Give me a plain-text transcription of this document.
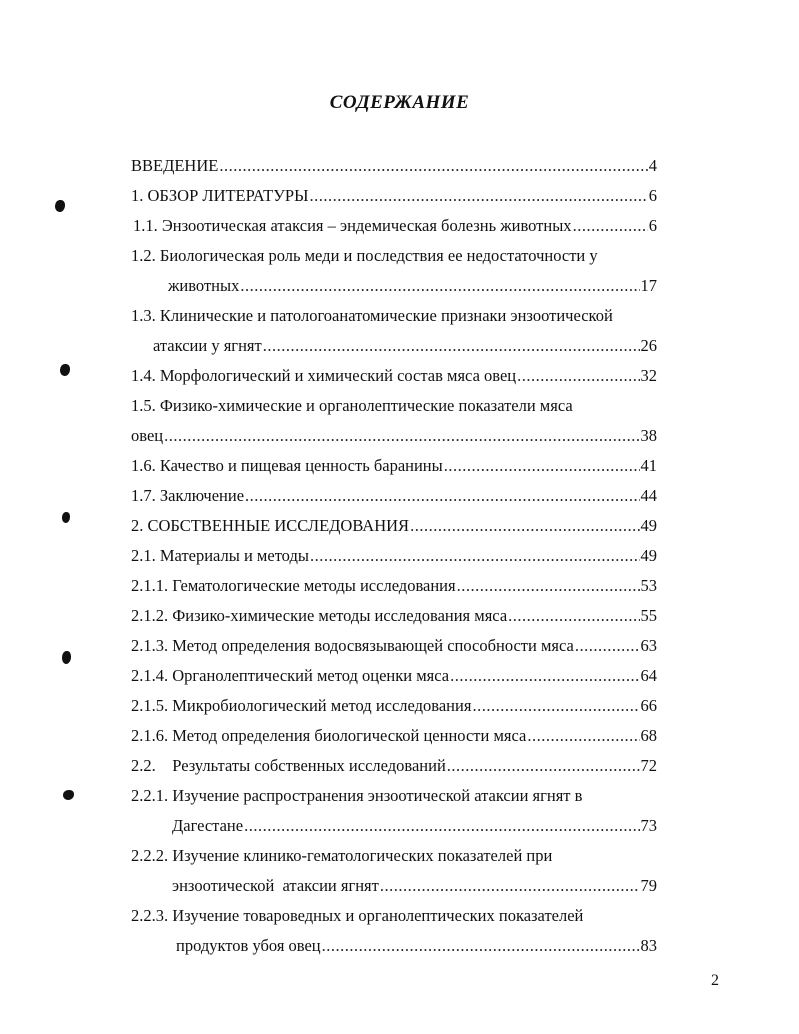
СОДЕРЖАНИЕ
ВВЕДЕНИЕ .....	4
1. ОБЗОР ЛИТЕРАТУРЫ .....	6
1.1. Энзоотическая атаксия – эндемическая болезнь животных .....	6
1.2. Биологическая роль меди и последствия ее недостаточности у
животных .....	17
1.3. Клинические и патологоанатомические признаки энзоотической
атаксии у ягнят .....	26
1.4. Морфологический и химический состав мяса овец .....	32
1.5. Физико-химические и органолептические показатели мяса
овец .....	38
1.6. Качество и пищевая ценность баранины .....	41
1.7. Заключение .....	44
2. СОБСТВЕННЫЕ ИССЛЕДОВАНИЯ .....	49
2.1. Материалы и методы .....	49
2.1.1. Гематологические методы исследования .....	53
2.1.2. Физико-химические методы исследования мяса .....	55
2.1.3. Метод определения водосвязывающей способности мяса .....	63
2.1.4. Органолептический метод оценки мяса .....	64
2.1.5. Микробиологический метод исследования .....	66
2.1.6. Метод определения биологической ценности мяса .....	68
2.2.    Результаты собственных исследований .....	72
2.2.1. Изучение распространения энзоотической атаксии ягнят в
Дагестане .....	73
2.2.2. Изучение клинико-гематологических показателей при
энзоотической  атаксии ягнят .....	79
2.2.3. Изучение товароведных и органолептических показателей
продуктов убоя овец .....	83
2
